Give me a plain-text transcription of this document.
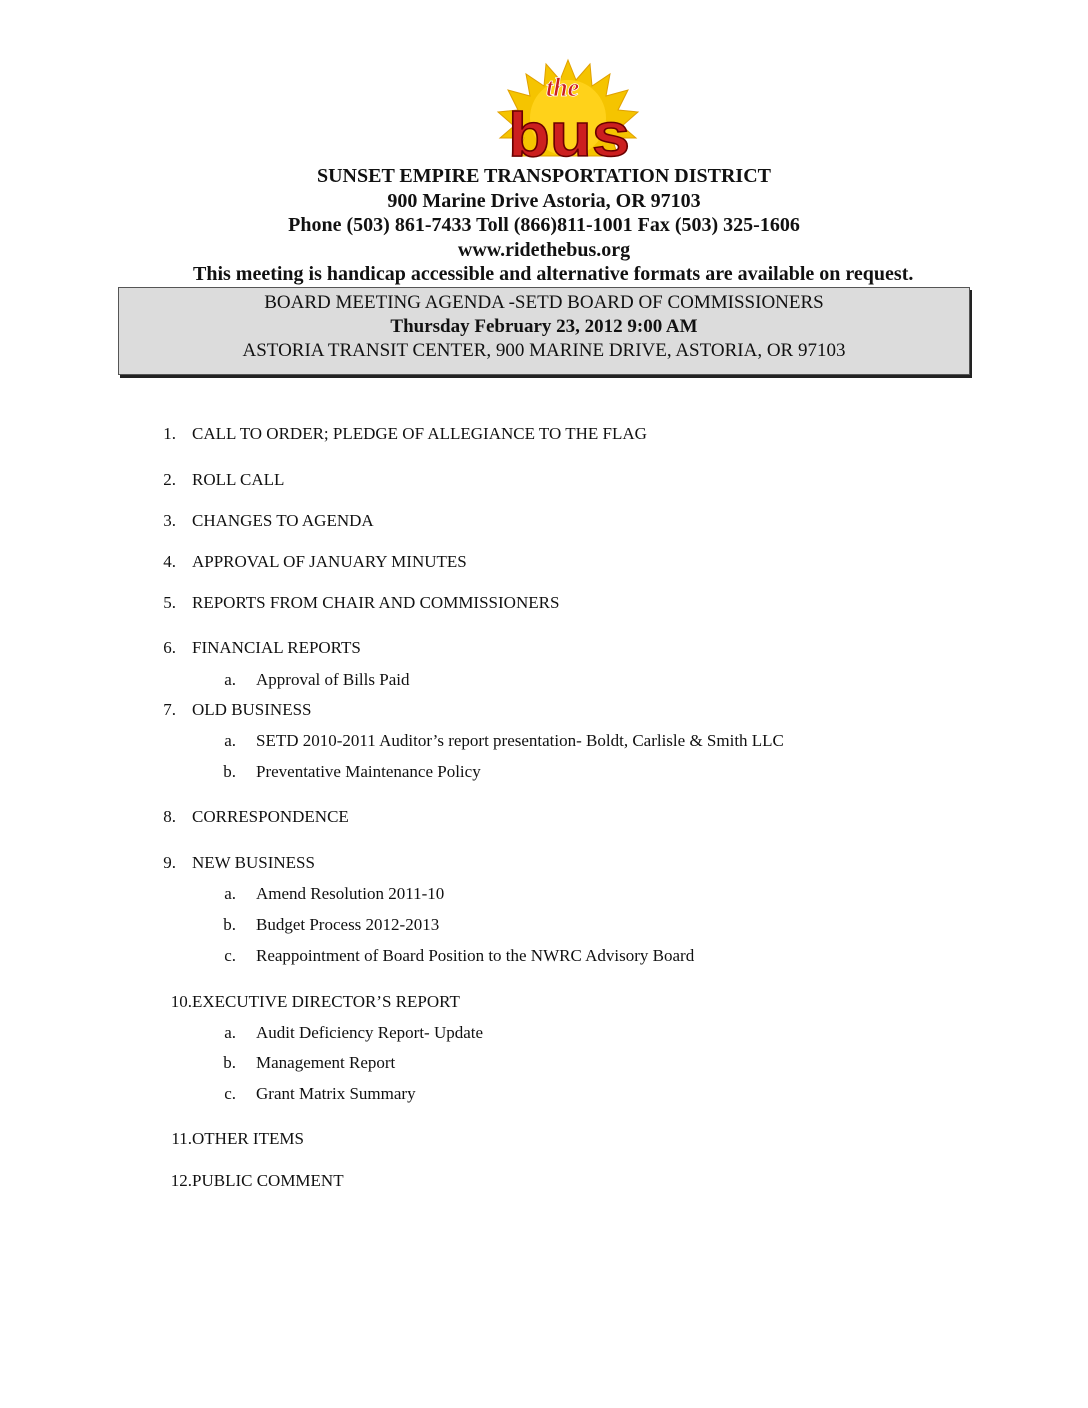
the
bus
SUNSET EMPIRE TRANSPORTATION DISTRICT
900 Marine Drive Astoria, OR 97103
Phone (503) 861-7433 Toll (866)811-1001 Fax (503) 325-1606
www.ridethebus.org
This meeting is handicap accessible and alternative formats are available on request.
BOARD MEETING AGENDA -SETD BOARD OF COMMISSIONERS
Thursday February 23, 2012 9:00 AM
ASTORIA TRANSIT CENTER, 900 MARINE DRIVE, ASTORIA, OR 97103
1. CALL TO ORDER; PLEDGE OF ALLEGIANCE TO THE FLAG
2. ROLL CALL
3. CHANGES TO AGENDA
4. APPROVAL OF JANUARY MINUTES
5. REPORTS FROM CHAIR AND COMMISSIONERS
6. FINANCIAL REPORTS
a. Approval of Bills Paid
7. OLD BUSINESS
a. SETD 2010-2011 Auditor’s report presentation- Boldt, Carlisle & Smith LLC
b. Preventative Maintenance Policy
8. CORRESPONDENCE
9. NEW BUSINESS
a. Amend Resolution 2011-10
b. Budget Process 2012-2013
c. Reappointment of Board Position to the NWRC Advisory Board
10. EXECUTIVE DIRECTOR’S REPORT
a. Audit Deficiency Report- Update
b. Management Report
c. Grant Matrix Summary
11. OTHER ITEMS
12. PUBLIC COMMENT
